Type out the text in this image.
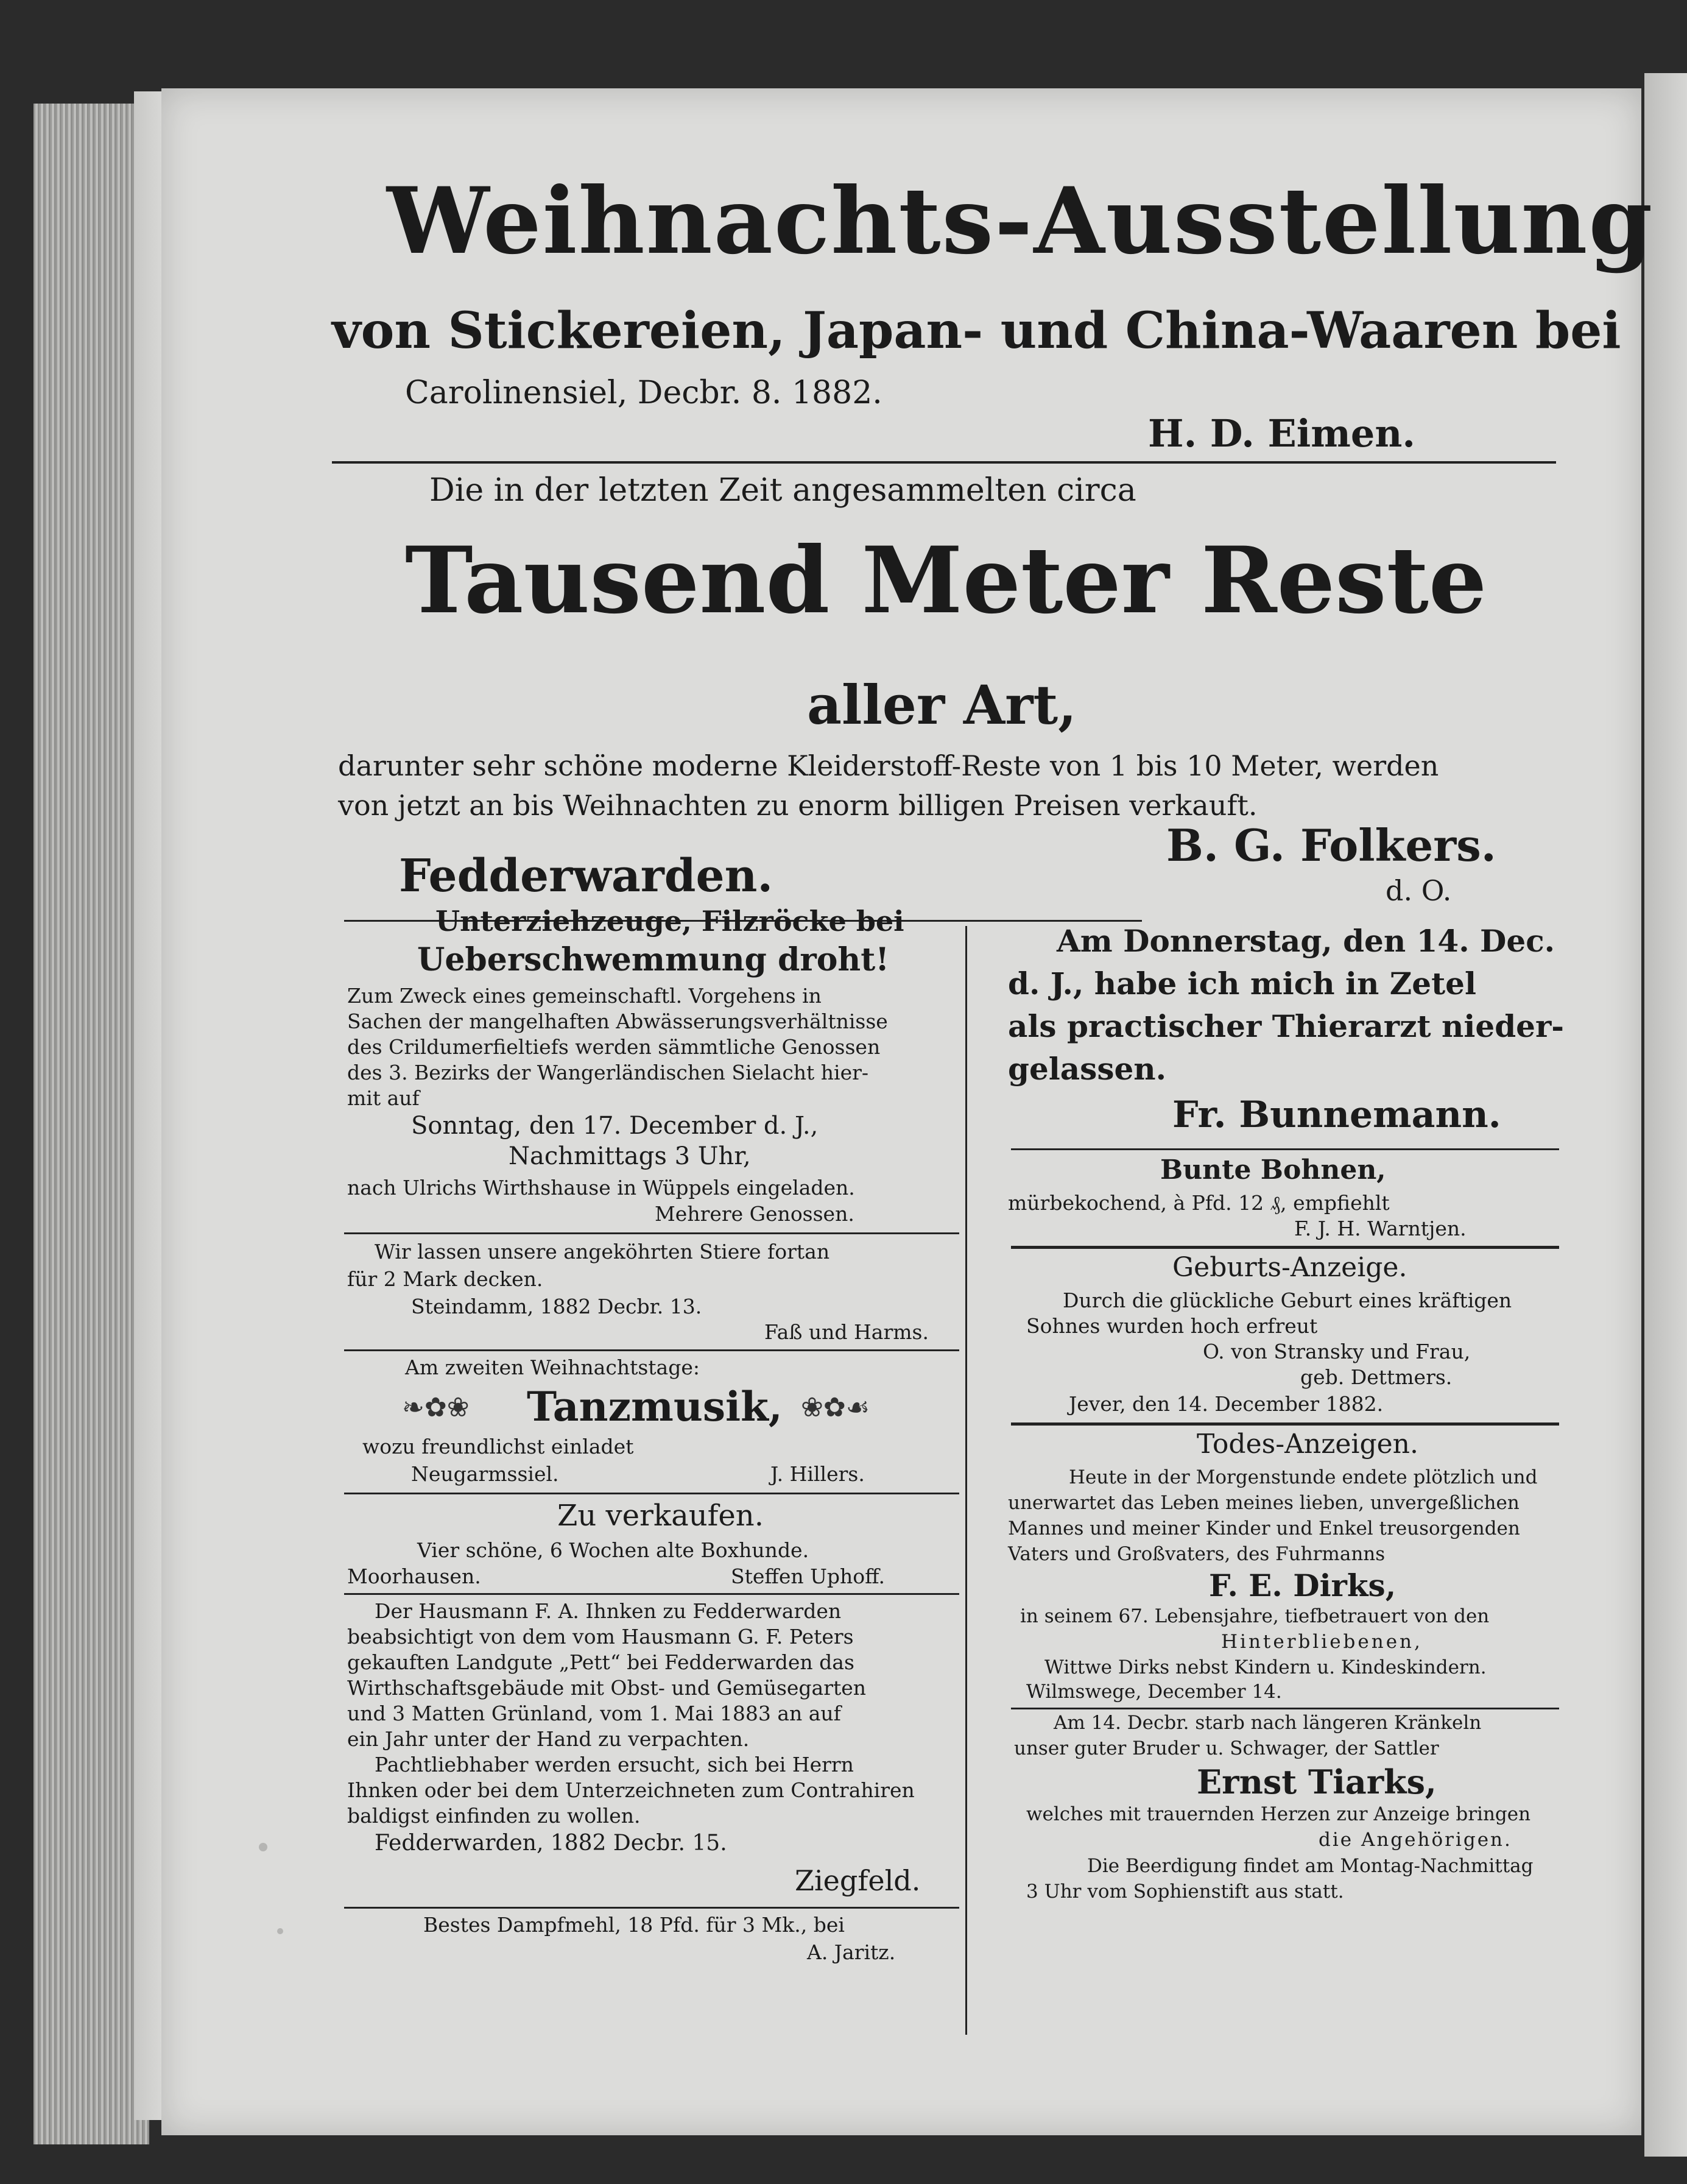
Weihnachts-Ausstellung
von Stickereien, Japan- und China-Waaren bei
Carolinensiel, Decbr. 8. 1882.
H. D. Eimen.
Die in der letzten Zeit angesammelten circa
Tausend Meter Reste
aller Art,
darunter sehr schöne moderne Kleiderstoff-Reste von 1 bis 10 Meter, werden
von jetzt an bis Weihnachten zu enorm billigen Preisen verkauft.
B. G. Folkers.
Fedderwarden.	d. O.
Unterziehzeuge, Filzröcke bei
Ueberschwemmung droht!
Zum Zweck eines gemeinschaftl. Vorgehens in
Sachen der mangelhaften Abwässerungsverhältnisse
des Crildumerfieltiefs werden sämmtliche Genossen
des 3. Bezirks der Wangerländischen Sielacht hier-
mit auf
Sonntag, den 17. December d. J.,
Nachmittags 3 Uhr,
nach Ulrichs Wirthshause in Wüppels eingeladen.
Mehrere Genossen.
Wir lassen unsere angeköhrten Stiere fortan
für 2 Mark decken.
Steindamm, 1882 Decbr. 13.
Faß und Harms.
Am zweiten Weihnachtstage:
❧✿❀ Tanzmusik, ❀✿☙
wozu freundlichst einladet
Neugarmssiel.	J. Hillers.
Zu verkaufen.
Vier schöne, 6 Wochen alte Boxhunde.
Moorhausen.	Steffen Uphoff.
Der Hausmann F. A. Ihnken zu Fedderwarden
beabsichtigt von dem vom Hausmann G. F. Peters
gekauften Landgute „Pett“ bei Fedderwarden das
Wirthschaftsgebäude mit Obst- und Gemüsegarten
und 3 Matten Grünland, vom 1. Mai 1883 an auf
ein Jahr unter der Hand zu verpachten.
Pachtliebhaber werden ersucht, sich bei Herrn
Ihnken oder bei dem Unterzeichneten zum Contrahiren
baldigst einfinden zu wollen.
Fedderwarden, 1882 Decbr. 15.
Ziegfeld.
Bestes Dampfmehl, 18 Pfd. für 3 Mk., bei
A. Jaritz.
Am Donnerstag, den 14. Dec.
d. J., habe ich mich in Zetel
als practischer Thierarzt nieder-
gelassen.
Fr. Bunnemann.
Bunte Bohnen,
mürbekochend, à Pfd. 12 ₰, empfiehlt
F. J. H. Warntjen.
Geburts-Anzeige.
Durch die glückliche Geburt eines kräftigen
Sohnes wurden hoch erfreut
O. von Stransky und Frau,
geb. Dettmers.
Jever, den 14. December 1882.
Todes-Anzeigen.
Heute in der Morgenstunde endete plötzlich und
unerwartet das Leben meines lieben, unvergeßlichen
Mannes und meiner Kinder und Enkel treusorgenden
Vaters und Großvaters, des Fuhrmanns
F. E. Dirks,
in seinem 67. Lebensjahre, tiefbetrauert von den
Hinterbliebenen,
Wittwe Dirks nebst Kindern u. Kindeskindern.
Wilmswege, December 14.
Am 14. Decbr. starb nach längeren Kränkeln
unser guter Bruder u. Schwager, der Sattler
Ernst Tiarks,
welches mit trauernden Herzen zur Anzeige bringen
die Angehörigen.
Die Beerdigung findet am Montag-Nachmittag
3 Uhr vom Sophienstift aus statt.
